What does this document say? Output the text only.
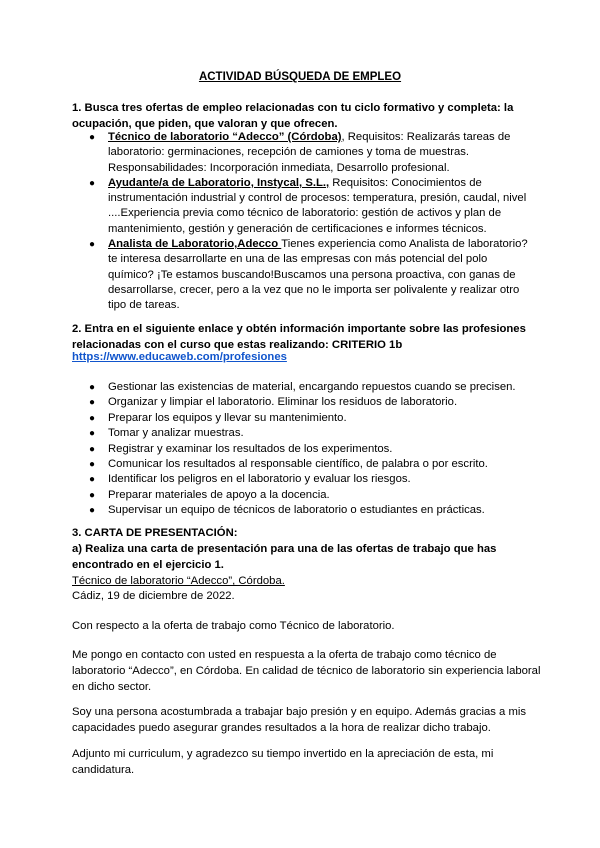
ACTIVIDAD BÚSQUEDA DE EMPLEO

1. Busca tres ofertas de empleo relacionadas con tu ciclo formativo y completa: la ocupación, que piden, que valoran y que ofrecen.

● Técnico de laboratorio “Adecco” (Córdoba), Requisitos: Realizarás tareas de laboratorio: germinaciones, recepción de camiones y toma de muestras. Responsabilidades: Incorporación inmediata, Desarrollo profesional.
● Ayudante/a de Laboratorio, Instycal, S.L., Requisitos: Conocimientos de instrumentación industrial y control de procesos: temperatura, presión, caudal, nivel ....Experiencia previa como técnico de laboratorio: gestión de activos y plan de mantenimiento, gestión y generación de certificaciones e informes técnicos.
● Analista de Laboratorio,Adecco Tienes experiencia como Analista de laboratorio? te interesa desarrollarte en una de las empresas con más potencial del polo químico? ¡Te estamos buscando!Buscamos una persona proactiva, con ganas de desarrollarse, crecer, pero a la vez que no le importa ser polivalente y realizar otro tipo de tareas.

2. Entra en el siguiente enlace y obtén información importante sobre las profesiones relacionadas con el curso que estas realizando: CRITERIO 1b

https://www.educaweb.com/profesiones
● Gestionar las existencias de material, encargando repuestos cuando se precisen.
● Organizar y limpiar el laboratorio. Eliminar los residuos de laboratorio.
● Preparar los equipos y llevar su mantenimiento.
● Tomar y analizar muestras.
● Registrar y examinar los resultados de los experimentos.
● Comunicar los resultados al responsable científico, de palabra o por escrito.
● Identificar los peligros en el laboratorio y evaluar los riesgos.
● Preparar materiales de apoyo a la docencia.
● Supervisar un equipo de técnicos de laboratorio o estudiantes en prácticas.

3. CARTA DE PRESENTACIÓN:

a) Realiza una carta de presentación para una de las ofertas de trabajo que has encontrado en el ejercicio 1.

Técnico de laboratorio “Adecco”, Córdoba.

Cádiz, 19 de diciembre de 2022.

Con respecto a la oferta de trabajo como Técnico de laboratorio.

Me pongo en contacto con usted en respuesta a la oferta de trabajo como técnico de laboratorio “Adecco”, en Córdoba. En calidad de técnico de laboratorio sin experiencia laboral en dicho sector.

Soy una persona acostumbrada a trabajar bajo presión y en equipo. Además gracias a mis capacidades puedo asegurar grandes resultados a la hora de realizar dicho trabajo.

Adjunto mi curriculum, y agradezco su tiempo invertido en la apreciación de esta, mi candidatura.
